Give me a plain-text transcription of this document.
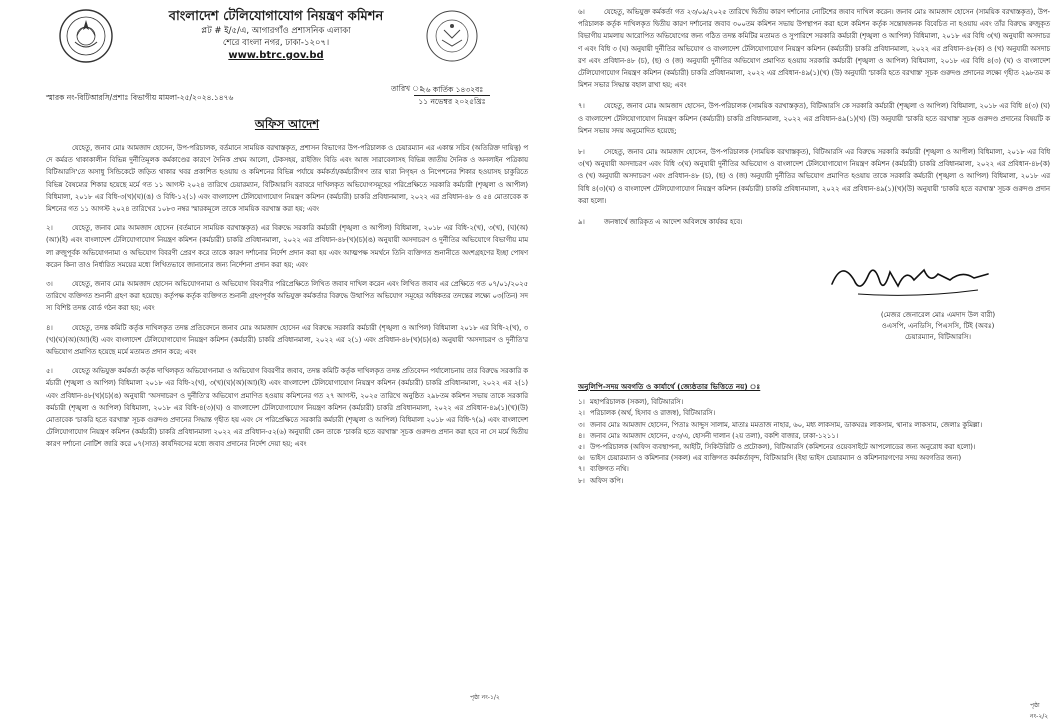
বাংলাদেশ টেলিযোগাযোগ নিয়ন্ত্রণ কমিশন
প্লট # ই/৫/এ, আগারগাঁও প্রশাসনিক এলাকা
শেরে বাংলা নগর, ঢাকা-১২০৭।
www.btrc.gov.bd
স্মারক নং-বিটিআরসি/প্রশাঃ বিভাগীয় মামলা-২৫/২০২৪.১৪৭৬
তারিখ ঃ
২৬ কার্তিক ১৪৩২বঃ
১১ নভেম্বর ২০২৫খ্রিঃ
অফিস আদেশ
যেহেতু, জনাব মোঃ আমজাদ হোসেন, উপ-পরিচালক, বর্তমানে সাময়িক বরখাস্তকৃত, প্রশাসন বিভাগের উপ-পরিচালক ও চেয়ারম্যান এর একান্ত সচিব (অতিরিক্ত দায়িত্ব) পদে কর্মরত থাকাকালীন বিভিন্ন দুর্নীতিমূলক কর্মকাণ্ডের কারণে দৈনিক প্রথম আলো, টেকসহয়, রাইজিং বিডি এবং আজ সারাবেলাসহ বিভিন্ন জাতীয় দৈনিক ও অনলাইন পত্রিকায় বিটিআরসি'তে অসাধু সিন্ডিকেটে জড়িত থাকার খবর প্রকাশিত হওয়ায় ও কমিশনের বিভিন্ন পর্যায়ে কর্মকর্তা/কর্মচারীগণ তার দ্বারা নিগৃহন ও নিপেশনের শিকার হওয়াসহ চাকুরিতে বিভিন্ন বৈষম্যের শিকার হয়েছে মর্মে গত ১১ আগস্ট ২০২৪ তারিখে চেয়ারম্যান, বিটিআরসি বরাবরে দাখিলকৃত অভিযোগসমূহের পরিপ্রেক্ষিতে সরকারি কর্মচারী (শৃঙ্খলা ও আপীল) বিধিমালা, ২০১৮ এর বিধি-৩(খ)(ঘ)(ঙ) ও বিধি-১২(১) এবং বাংলাদেশ টেলিযোগাযোগ নিয়ন্ত্রণ কমিশন (কর্মচারী) চাকরি প্রবিধানমালা, ২০২২ এর প্রবিধান-৪৮ ও ৫৪ মোতাবেক কমিশনের গত ১১ আগস্ট ২০২৪ তারিখের ১০৮৩ নম্বর স্মারকমূলে তাকে সাময়িক বরখাস্ত করা হয়; এবং
২।	যেহেতু, জনাব মোঃ আমজাদ হোসেন (বর্তমানে সাময়িক বরখাস্তকৃত) এর বিরুদ্ধে সরকারি কর্মচারী (শৃঙ্খলা ও আপীল) বিধিমালা, ২০১৮ এর বিধি-২(খ), ৩(খ), (ঘ)(অ)(আ)(ই) এবং বাংলাদেশ টেলিযোগাযোগ নিয়ন্ত্রণ কমিশন (কর্মচারী) চাকরি প্রবিধানমালা, ২০২২ এর প্রবিধান-৪৮(খ)(চ)(ঙ) অনুযায়ী অসদাচরণ ও দুর্নীতির অভিযোগে বিভাগীয় মামলা রুজুপূর্বক অভিযোগনামা ও অভিযোগ বিবরণী প্রেরণ করে তাকে কারণ দর্শানোর নির্দেশ প্রদান করা হয় এবং আত্মপক্ষ সমর্থনে তিনি ব্যক্তিগত শুনানীতে অংশগ্রহণের ইচ্ছা পোষণ করেন কিনা তাও নির্ধারিত সময়ের মধ্যে লিখিতভাবে জানানোর জন্য নির্দেশনা প্রদান করা হয়; এবং
৩।	যেহেতু, জনাব মোঃ আমজাদ হোসেন অভিযোগনামা ও অভিযোগ বিবরণীর পরিপ্রেক্ষিতে লিখিত জবাব দাখিল করেন এবং লিখিত জবাব এর প্রেক্ষিতে গত ০৭/০১/২০২৫ তারিখে ব্যক্তিগত শুনানী গ্রহণ করা হয়েছে। কর্তৃপক্ষ কর্তৃক ব্যক্তিগত শুনানী গ্রহণপূর্বক অভিযুক্ত কর্মকর্তার বিরুদ্ধে উত্থাপিত অভিযোগ সমূহের অধিকতর তদন্তের লক্ষ্যে ০৩(তিন) সদস্য বিশিষ্ট তদন্ত বোর্ড গঠন করা হয়; এবং
৪।	যেহেতু, তদন্ত কমিটি কর্তৃক দাখিলকৃত তদন্ত প্রতিবেদনে জনাব মোঃ আমজাদ হোসেন এর বিরুদ্ধে সরকারি কর্মচারী (শৃঙ্খলা ও আপিল) বিধিমালা ২০১৮ এর বিধি-২(খ), ৩(খ)(ঘ)(অ)(আ)(ই) এবং বাংলাদেশ টেলিযোগাযোগ নিয়ন্ত্রণ কমিশন (কর্মচারী) চাকরি প্রবিধানমালা, ২০২২ এর ২(১) এবং প্রবিধান-৪৮(খ)(চ)(ঙ) অনুযায়ী 'অসদাচরণ ও দুর্নীতি'র অভিযোগ প্রমাণিত হয়েছে মর্মে মতামত প্রদান করে; এবং
৫।	যেহেতু অভিযুক্ত কর্মকর্তা কর্তৃক দাখিলকৃত অভিযোগনামা ও অভিযোগ বিবরণীর জবাব, তদন্ত কমিটি কর্তৃক দাখিলকৃত তদন্ত প্রতিবেদন পর্যালোচনায় তার বিরুদ্ধে সরকারি কর্মচারী (শৃঙ্খলা ও আপিল) বিধিমালা ২০১৮ এর বিধি-২(খ), ৩(খ)(ঘ)(অ)(আ)(ই) এবং বাংলাদেশ টেলিযোগাযোগ নিয়ন্ত্রণ কমিশন (কর্মচারী) চাকরি প্রবিধানমালা, ২০২২ এর ২(১) এবং প্রবিধান-৪৮(খ)(চ)(ঙ) অনুযায়ী 'অসদাচরণ ও দুর্নীতি'র অভিযোগ প্রমাণিত হওয়ায় কমিশনের গত ২৭ আগস্ট, ২০২৫ তারিখে অনুষ্ঠিত ২৯৮তম কমিশন সভায় তাকে সরকারি কর্মচারী (শৃঙ্খলা ও আপিল) বিধিমালা, ২০১৮ এর বিধি-৪(৩)(ঘ) ও বাংলাদেশ টেলিযোগাযোগ নিয়ন্ত্রণ কমিশন (কর্মচারী) চাকরি প্রবিধানমালা, ২০২২ এর প্রবিধান-৪৯(১)(খ)(উ) মোতাবেক 'চাকরি হতে বরখাস্ত' সূচক গুরুদণ্ড প্রদানের সিদ্ধান্ত গৃহীত হয় এবং সে পরিপ্রেক্ষিতে সরকারি কর্মচারী (শৃঙ্খলা ও আপিল) বিধিমালা ২০১৮ এর বিধি-৭(৯) এবং বাংলাদেশ টেলিযোগাযোগ নিয়ন্ত্রণ কমিশন (কর্মচারী) চাকরি প্রবিধানমালা ২০২২ এর প্রবিধান-৫২(৬) অনুযায়ী কেন তাকে 'চাকরি হতে বরখাস্ত' সূচক গুরুদণ্ড প্রদান করা হবে না সে মর্মে দ্বিতীয় কারণ দর্শানো নোটিশ জারি করে ০৭(সাত) কার্যদিবসের মধ্যে জবাব প্রদানের নির্দেশ দেয়া হয়; এবং
পৃষ্ঠা নং-১/২
৬।	যেহেতু, অভিযুক্ত কর্মকর্তা গত ২৩/০৯/২০২৫ তারিখে দ্বিতীয় কারণ দর্শানোর নোটিশের জবাব দাখিল করেন। জনাব মোঃ আমজাদ হোসেন (সাময়িক বরখাস্তকৃত), উপ-পরিচালক কর্তৃক দাখিলকৃত দ্বিতীয় কারণ দর্শানোর জবাব ৩০০তম কমিশন সভায় উপস্থাপন করা হলে কমিশন কর্তৃক সন্তোষজনক বিবেচিত না হওয়ায় এবং তাঁর বিরুদ্ধে রুজুকৃত বিভাগীয় মামলায় আরোপিত অভিযোগের জন্য গঠিত তদন্ত কমিটির মতামত ও সুপারিশে সরকারি কর্মচারী (শৃঙ্খলা ও আপিল) বিধিমালা, ২০১৮ এর বিধি ৩(খ) অনুযায়ী অসদাচরণ এবং বিধি ৩ (ঘ) অনুযায়ী দুর্নীতির অভিযোগ ও বাংলাদেশ টেলিযোগাযোগ নিয়ন্ত্রণ কমিশন (কর্মচারী) চাকরি প্রবিধানমালা, ২০২২ এর প্রবিধান-৪৮(ক) ও (খ) অনুযায়ী অসদাচরণ এবং প্রবিধান-৪৮ (চ), (ছ) ও (জ) অনুযায়ী দুর্নীতির অভিযোগ প্রমাণিত হওয়ায় সরকারি কর্মচারী (শৃঙ্খলা ও আপিল) বিধিমালা, ২০১৮ এর বিধি ৪(৩) (ঘ) ও বাংলাদেশ টেলিযোগাযোগ নিয়ন্ত্রণ কমিশন (কর্মচারী) চাকরি প্রবিধানমালা, ২০২২ এর প্রবিধান-৪৯(১)(খ) (উ) অনুযায়ী 'চাকরি হতে বরখাস্ত' সূচক গুরুদণ্ড প্রদানের লক্ষ্যে গৃহীত ২৯৮তম কমিশন সভার সিদ্ধান্ত বহাল রাখা হয়; এবং
৭।	যেহেতু, জনাব মোঃ আমজাদ হোসেন, উপ-পরিচালক (সাময়িক বরখাস্তকৃত), বিটিআরসি কে সরকারি কর্মচারী (শৃঙ্খলা ও আপিল) বিধিমালা, ২০১৮ এর বিধি ৪(৩) (ঘ) ও বাংলাদেশ টেলিযোগাযোগ নিয়ন্ত্রণ কমিশন (কর্মচারী) চাকরি প্রবিধানমালা, ২০২২ এর প্রবিধান-৪৯(১)(খ) (উ) অনুযায়ী 'চাকরি হতে বরখাস্ত' সূচক গুরুদণ্ড প্রদানের বিষয়টি কমিশন সভায় সদয় অনুমোদিত হয়েছে;
৮।	সেহেতু, জনাব মোঃ আমজাদ হোসেন, উপ-পরিচালক (সাময়িক বরখাস্তকৃত), বিটিআরসি এর বিরুদ্ধে সরকারি কর্মচারী (শৃঙ্খলা ও আপীল) বিধিমালা, ২০১৮ এর বিধি ৩(খ) অনুযায়ী অসদাচরণ এবং বিধি ৩(ঘ) অনুযায়ী দুর্নীতির অভিযোগ ও বাংলাদেশ টেলিযোগাযোগ নিয়ন্ত্রণ কমিশন (কর্মচারী) চাকরি প্রবিধানমালা, ২০২২ এর প্রবিধান-৪৮(ক) ও (খ) অনুযায়ী অসদাচরণ এবং প্রবিধান-৪৮ (চ), (ছ) ও (জ) অনুযায়ী দুর্নীতির অভিযোগ প্রমাণিত হওয়ায় তাকে সরকারি কর্মচারী (শৃঙ্খলা ও আপিল) বিধিমালা, ২০১৮ এর বিধি ৪(৩)(ঘ) ও বাংলাদেশ টেলিযোগাযোগ নিয়ন্ত্রণ কমিশন (কর্মচারী) চাকরি প্রবিধানমালা, ২০২২ এর প্রবিধান-৪৯(১)(খ)(উ) অনুযায়ী 'চাকরি হতে বরখাস্ত' সূচক গুরুদণ্ড প্রদান করা হলো।
৯।	জনস্বার্থে জারিকৃত এ আদেশ অবিলম্বে কার্যকর হবে।
(মেজর জেনারেল মোঃ এমদাদ উল বারী)
ওএসপি, এনডিসি, পিএসসি, টিই (অবঃ)
চেয়ারম্যান, বিটিআরসি।
অনুলিপি-সদয় অবগতি ও কার্যার্থে (জ্যেষ্ঠতার ভিত্তিতে নয়) ঃ
১। মহাপরিচালক (সকল), বিটিআরসি।
২। পরিচালক (অর্থ, হিসাব ও রাজস্ব), বিটিআরসি।
৩। জনাব মোঃ আমজাদ হোসেন, পিতাঃ আব্দুস সালাম, মাতাঃ মমতাজ নাহার, ৬০, মধ্য লাকসাম, ডাকঘরঃ লাকসাম, থানাঃ লাকসাম, জেলাঃ কুমিল্লা।
৪। জনাব মোঃ আমজাদ হোসেন, ৫৩/এ, হোসনী দালান (২য় তলা), বকশি বাজার, ঢাকা-১২১১।
৫। উপ-পরিচালক (অফিস ব্যবস্থাপনা, আইটি, সিকিউরিটি ও প্রটোকল), বিটিআরসি (কমিশনের ওয়েবসাইটে আপলোডের জন্য অনুরোধ করা হলো)।
৬। ভাইস চেয়ারম্যান ও কমিশনার (সকল) এর ব্যক্তিগত কর্মকর্তাবৃন্দ, বিটিআরসি (ইহা ভাইস চেয়ারম্যান ও কমিশনারগণের সদয় অবগতির জন্য)
৭। ব্যক্তিগত নথি।
৮। অফিস কপি।
পৃষ্ঠা নং-২/২
